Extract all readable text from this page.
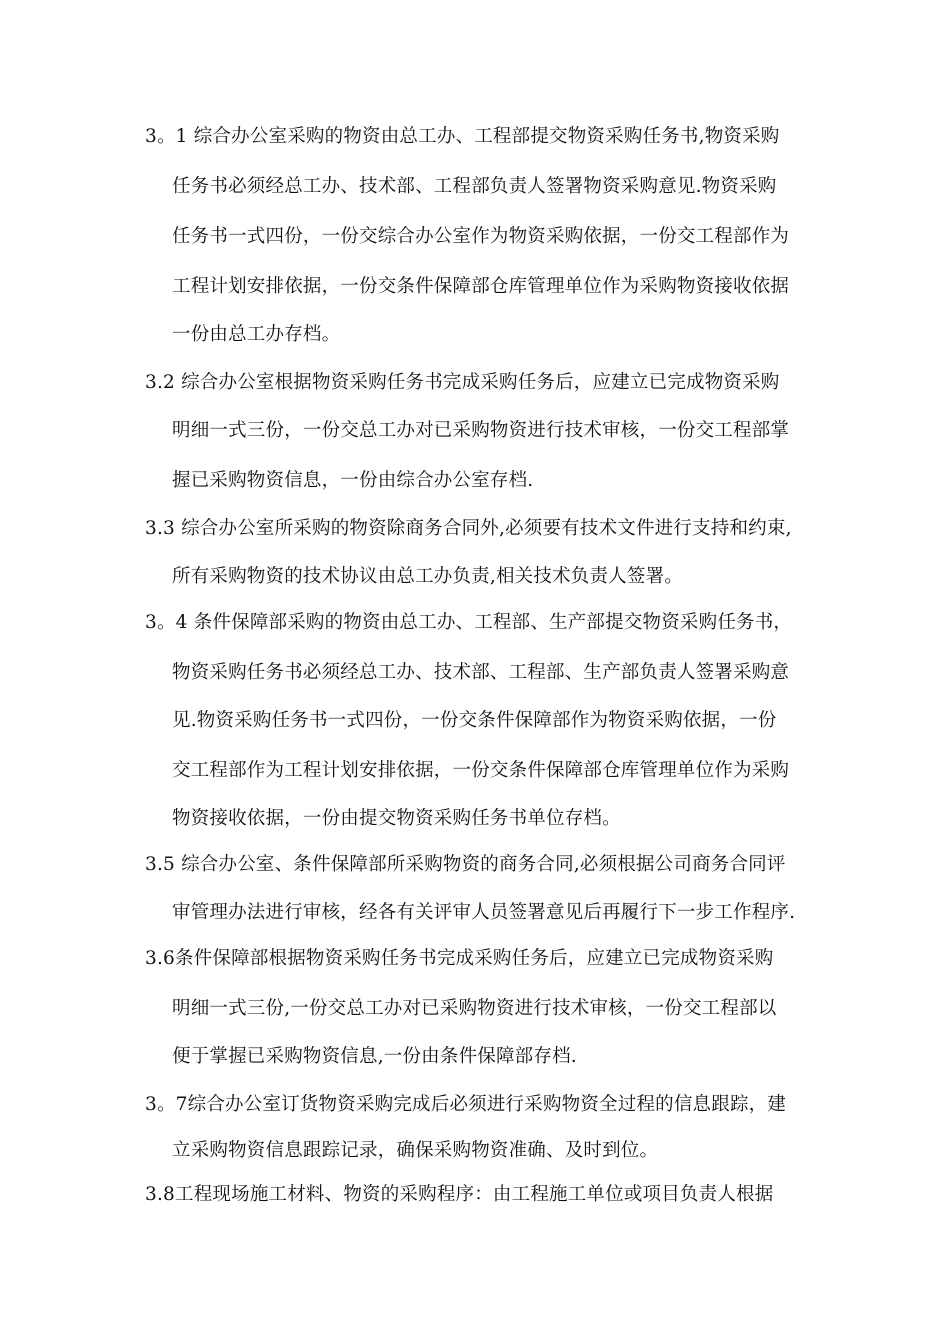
3。1 综合办公室采购的物资由总工办、工程部提交物资采购任务书,物资采购
任务书必须经总工办、技术部、工程部负责人签署物资采购意见.物资采购
任务书一式四份，一份交综合办公室作为物资采购依据，一份交工程部作为
工程计划安排依据，一份交条件保障部仓库管理单位作为采购物资接收依据
一份由总工办存档。
3.2 综合办公室根据物资采购任务书完成采购任务后，应建立已完成物资采购
明细一式三份，一份交总工办对已采购物资进行技术审核，一份交工程部掌
握已采购物资信息，一份由综合办公室存档.
3.3 综合办公室所采购的物资除商务合同外,必须要有技术文件进行支持和约束,
所有采购物资的技术协议由总工办负责,相关技术负责人签署。
3。4 条件保障部采购的物资由总工办、工程部、生产部提交物资采购任务书，
物资采购任务书必须经总工办、技术部、工程部、生产部负责人签署采购意
见.物资采购任务书一式四份，一份交条件保障部作为物资采购依据，一份
交工程部作为工程计划安排依据，一份交条件保障部仓库管理单位作为采购
物资接收依据，一份由提交物资采购任务书单位存档。
3.5 综合办公室、条件保障部所采购物资的商务合同,必须根据公司商务合同评
审管理办法进行审核，经各有关评审人员签署意见后再履行下一步工作程序.
3.6条件保障部根据物资采购任务书完成采购任务后，应建立已完成物资采购
明细一式三份,一份交总工办对已采购物资进行技术审核，一份交工程部以
便于掌握已采购物资信息,一份由条件保障部存档.
3。7综合办公室订货物资采购完成后必须进行采购物资全过程的信息跟踪，建
立采购物资信息跟踪记录，确保采购物资准确、及时到位。
3.8工程现场施工材料、物资的采购程序：由工程施工单位或项目负责人根据
